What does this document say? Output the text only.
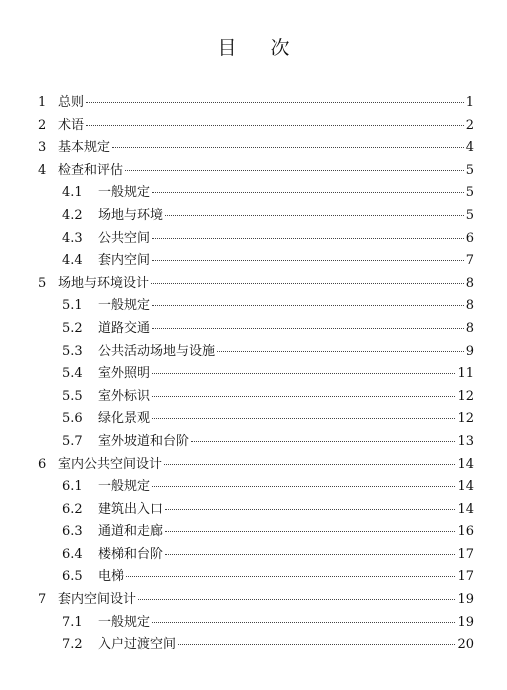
目 次
1 总则	1
2 术语	2
3 基本规定	4
4 检查和评估	5
4.1	一般规定	5
4.2	场地与环境	5
4.3	公共空间	6
4.4	套内空间	7
5 场地与环境设计	8
5.1	一般规定	8
5.2	道路交通	8
5.3	公共活动场地与设施	9
5.4	室外照明	11
5.5	室外标识	12
5.6	绿化景观	12
5.7	室外坡道和台阶	13
6 室内公共空间设计	14
6.1	一般规定	14
6.2	建筑出入口	14
6.3	通道和走廊	16
6.4	楼梯和台阶	17
6.5	电梯	17
7 套内空间设计	19
7.1	一般规定	19
7.2	入户过渡空间	20
